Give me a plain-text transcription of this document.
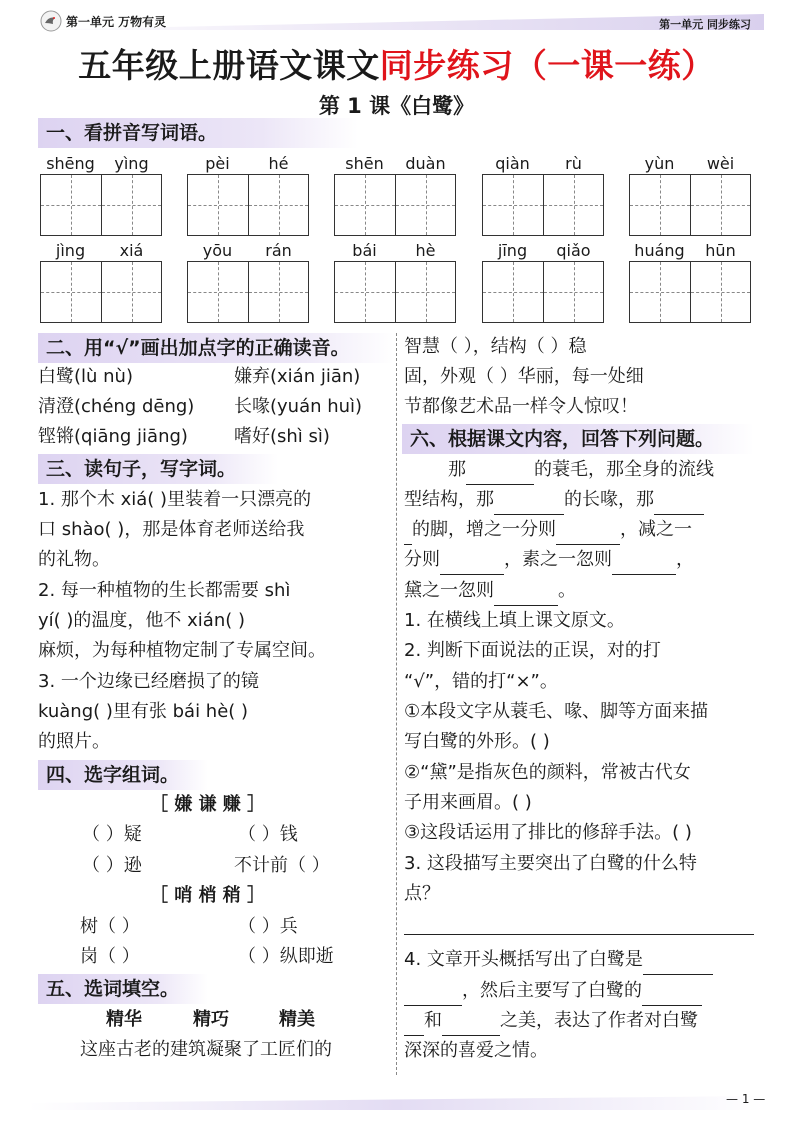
第一单元 万物有灵	第一单元 同步练习
五年级上册语文课文同步练习（一课一练）
第 1 课《白鹭》
一、看拼音写词语。
shēng	yìng	pèi	hé	shēn	duàn	qiàn	rù	yùn	wèi
jìng	xiá	yōu	rán	bái	hè	jīng	qiǎo	huáng	hūn
二、用“√”画出加点字的正确读音。
白鹭(lù nù)	嫌弃(xián jiān)
清澄(chéng dēng) 长喙(yuán huì)
铿锵(qiāng jiāng)	嗜好(shì sì)
三、读句子，写字词。
1. 那个木 xiá( )里装着一只漂亮的
口 shào( )，那是体育老师送给我
的礼物。
2. 每一种植物的生长都需要 shì
yí( )的温度，他不 xián( )
麻烦，为每种植物定制了专属空间。
3. 一个边缘已经磨损了的镜
kuàng( )里有张 bái hè( )
的照片。
四、选字组词。
［ 嫌 谦 赚 ］
（ ）疑	（ ）钱
（ ）逊	不计前（ ）
［ 哨 梢 稍 ］
树（ ）	（ ）兵
岗（ ）	（ ）纵即逝
五、选词填空。
精华	精巧	精美
这座古老的建筑凝聚了工匠们的
智慧（ ），结构（ ）稳
固，外观（ ）华丽，每一处细
节都像艺术品一样令人惊叹！
六、根据课文内容，回答下列问题。
那	的蓑毛，那全身的流线
型结构，那	的长喙，那
的脚，增之一分则	，减之一
分则	，素之一忽则	，
黛之一忽则	。
1. 在横线上填上课文原文。
2. 判断下面说法的正误，对的打
“√”，错的打“×”。
①本段文字从蓑毛、喙、脚等方面来描
写白鹭的外形。( )
②“黛”是指灰色的颜料，常被古代女
子用来画眉。( )
③这段话运用了排比的修辞手法。( )
3. 这段描写主要突出了白鹭的什么特
点？
4. 文章开头概括写出了白鹭是
，然后主要写了白鹭的
和	之美，表达了作者对白鹭
深深的喜爱之情。
— 1 —
